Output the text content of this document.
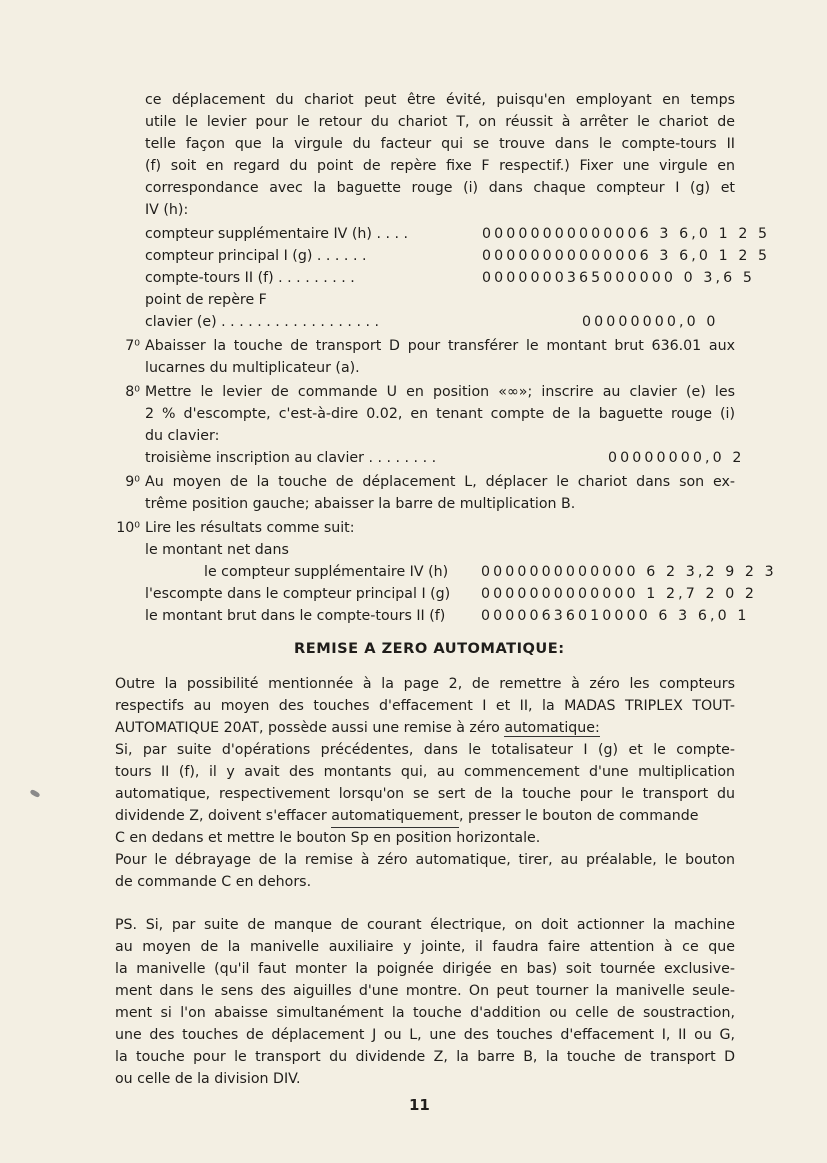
ce déplacement du chariot peut être évité, puisqu'en employant en temps
utile le levier pour le retour du chariot T, on réussit à arrêter le chariot de
telle façon que la virgule du facteur qui se trouve dans le compte-tours II
(f) soit en regard du point de repère fixe F respectif.) Fixer une virgule en
correspondance avec la baguette rouge (i) dans chaque compteur I (g) et
IV (h):
compteur supplémentaire IV (h) . . . .	00000000000006 3 6,0 1 2 5
compteur principal I (g) . . . . . .	00000000000006 3 6,0 1 2 5
compte-tours II (f) . . . . . . . . .	0000000365000000 0 3,6 5
point de repère F
clavier (e) . . . . . . . . . . . . . . . . . .	00000000,0 0
7⁰ Abaisser la touche de transport D pour transférer le montant brut 636.01 aux
lucarnes du multiplicateur (a).
8⁰ Mettre le levier de commande U en position «∞»; inscrire au clavier (e) les
2 % d'escompte, c'est-à-dire 0.02, en tenant compte de la baguette rouge (i)
du clavier:
troisième inscription au clavier . . . . . . . .	00000000,0 2
9⁰ Au moyen de la touche de déplacement L, déplacer le chariot dans son ex-
trême position gauche; abaisser la barre de multiplication B.
10⁰ Lire les résultats comme suit:
le montant net dans
le compteur supplémentaire IV (h) 0000000000000 6 2 3,2 9 2 3
l'escompte dans le compteur principal I (g) 0000000000000 1 2,7 2 0 2
le montant brut dans le compte-tours II (f)	00000636010000 6 3 6,0 1
REMISE A ZERO AUTOMATIQUE:
Outre la possibilité mentionnée à la page 2, de remettre à zéro les compteurs
respectifs au moyen des touches d'effacement I et II, la MADAS TRIPLEX TOUT-
AUTOMATIQUE 20AT, possède aussi une remise à zéro automatique:
Si, par suite d'opérations précédentes, dans le totalisateur I (g) et le compte-
tours II (f), il y avait des montants qui, au commencement d'une multiplication
automatique, respectivement lorsqu'on se sert de la touche pour le transport du
dividende Z, doivent s'effacer automatiquement , presser le bouton de commande
C en dedans et mettre le bouton Sp en position horizontale.
Pour le débrayage de la remise à zéro automatique, tirer, au préalable, le bouton
de commande C en dehors.
PS. Si, par suite de manque de courant électrique, on doit actionner la machine
au moyen de la manivelle auxiliaire y jointe, il faudra faire attention à ce que
la manivelle (qu'il faut monter la poignée dirigée en bas) soit tournée exclusive-
ment dans le sens des aiguilles d'une montre. On peut tourner la manivelle seule-
ment si l'on abaisse simultanément la touche d'addition ou celle de soustraction,
une des touches de déplacement J ou L, une des touches d'effacement I, II ou G,
la touche pour le transport du dividende Z, la barre B, la touche de transport D
ou celle de la division DIV.
11
